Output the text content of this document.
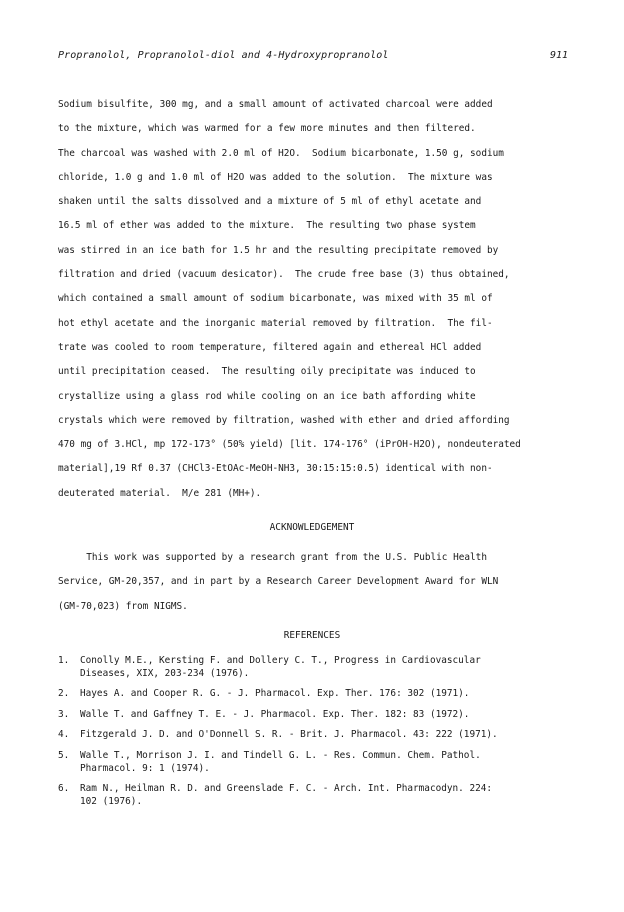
Propranolol, Propranolol-diol and 4-Hydroxypropranolol	911
Sodium bisulfite, 300 mg, and a small amount of activated charcoal were added
to the mixture, which was warmed for a few more minutes and then filtered.
The charcoal was washed with 2.0 ml of H2O.  Sodium bicarbonate, 1.50 g, sodium
chloride, 1.0 g and 1.0 ml of H2O was added to the solution.  The mixture was
shaken until the salts dissolved and a mixture of 5 ml of ethyl acetate and
16.5 ml of ether was added to the mixture.  The resulting two phase system
was stirred in an ice bath for 1.5 hr and the resulting precipitate removed by
filtration and dried (vacuum desicator).  The crude free base (3) thus obtained,
which contained a small amount of sodium bicarbonate, was mixed with 35 ml of
hot ethyl acetate and the inorganic material removed by filtration.  The fil-
trate was cooled to room temperature, filtered again and ethereal HCl added
until precipitation ceased.  The resulting oily precipitate was induced to
crystallize using a glass rod while cooling on an ice bath affording white
crystals which were removed by filtration, washed with ether and dried affording
470 mg of 3.HCl, mp 172-173° (50% yield) [lit. 174-176° (iPrOH-H2O), nondeuterated
material],19 Rf 0.37 (CHCl3-EtOAc-MeOH-NH3, 30:15:15:0.5) identical with non-
deuterated material.  M/e 281 (MH+).
ACKNOWLEDGEMENT
This work was supported by a research grant from the U.S. Public Health
Service, GM-20,357, and in part by a Research Career Development Award for WLN
(GM-70,023) from NIGMS.
REFERENCES
1.	Conolly M.E., Kersting F. and Dollery C. T., Progress in Cardiovascular
Diseases, XIX, 203-234 (1976).
2.	Hayes A. and Cooper R. G. - J. Pharmacol. Exp. Ther. 176: 302 (1971).
3.	Walle T. and Gaffney T. E. - J. Pharmacol. Exp. Ther. 182: 83 (1972).
4.	Fitzgerald J. D. and O'Donnell S. R. - Brit. J. Pharmacol. 43: 222 (1971).
5.	Walle T., Morrison J. I. and Tindell G. L. - Res. Commun. Chem. Pathol.
Pharmacol. 9: 1 (1974).
6.	Ram N., Heilman R. D. and Greenslade F. C. - Arch. Int. Pharmacodyn. 224:
102 (1976).
